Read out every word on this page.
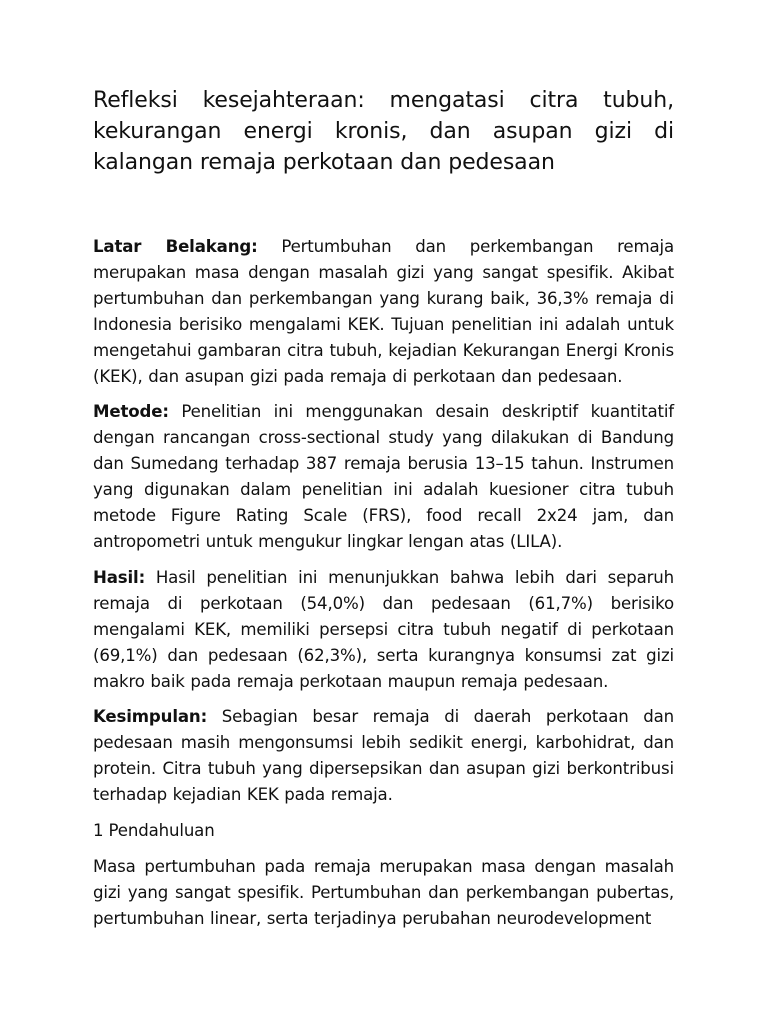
Refleksi kesejahteraan: mengatasi citra tubuh, kekurangan energi kronis, dan asupan gizi di kalangan remaja perkotaan dan pedesaan

Latar Belakang: Pertumbuhan dan perkembangan remaja merupakan masa dengan masalah gizi yang sangat spesifik. Akibat pertumbuhan dan perkembangan yang kurang baik, 36,3% remaja di Indonesia berisiko mengalami KEK. Tujuan penelitian ini adalah untuk mengetahui gambaran citra tubuh, kejadian Kekurangan Energi Kronis (KEK), dan asupan gizi pada remaja di perkotaan dan pedesaan.

Metode: Penelitian ini menggunakan desain deskriptif kuantitatif dengan rancangan cross-sectional study yang dilakukan di Bandung dan Sumedang terhadap 387 remaja berusia 13–15 tahun. Instrumen yang digunakan dalam penelitian ini adalah kuesioner citra tubuh metode Figure Rating Scale (FRS), food recall 2x24 jam, dan antropometri untuk mengukur lingkar lengan atas (LILA).

Hasil: Hasil penelitian ini menunjukkan bahwa lebih dari separuh remaja di perkotaan (54,0%) dan pedesaan (61,7%) berisiko mengalami KEK, memiliki persepsi citra tubuh negatif di perkotaan (69,1%) dan pedesaan (62,3%), serta kurangnya konsumsi zat gizi makro baik pada remaja perkotaan maupun remaja pedesaan.

Kesimpulan: Sebagian besar remaja di daerah perkotaan dan pedesaan masih mengonsumsi lebih sedikit energi, karbohidrat, dan protein. Citra tubuh yang dipersepsikan dan asupan gizi berkontribusi terhadap kejadian KEK pada remaja.

1 Pendahuluan

Masa pertumbuhan pada remaja merupakan masa dengan masalah gizi yang sangat spesifik. Pertumbuhan dan perkembangan pubertas, pertumbuhan linear, serta terjadinya perubahan neurodevelopment
